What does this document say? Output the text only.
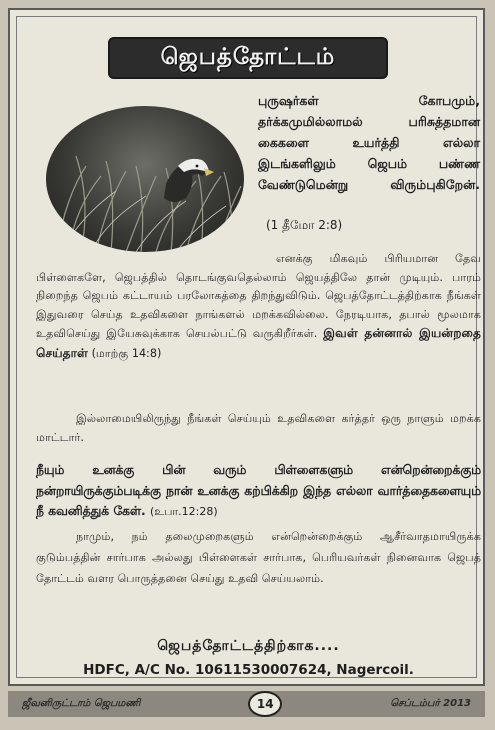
ஜெபத்தோட்டம்
புருஷர்கள் கோபமும், தர்க்கமுமில்லாமல் பரிசுத்தமான கைகளை உயர்த்தி எல்லா இடங்களிலும் ஜெபம் பண்ண வேண்டுமென்று விரும்புகிறேன்.
(1 தீமோ 2:8)
எனக்கு மிகவும் பிரியமான தேவ பிள்ளைகளே, ஜெபத்தில் தொடங்குவதெல்லாம் ஜெயத்திலே தான் முடியும். பாரம் நிறைந்த ஜெபம் கட்டாயம் பரலோகத்தை திறந்துவிடும். ஜெபத்தோட்டத்திற்காக நீங்கள் இதுவரை செய்த உதவிகளை நாங்களல் மறக்கவில்லை. நேரடியாக, தபால் மூலமாக உதவிசெய்து இயேசுவுக்காக செயல்பட்டு வருகிறீர்கள். இவள் தன்னால் இயன்றதை செய்தாள் (மாற்கு 14:8)
இல்லாமையிலிருந்து நீங்கள் செய்யும் உதவிகளை கர்த்தர் ஒரு நாளும் மறக்க மாட்டார்.
நீயும் உனக்கு பின் வரும் பிள்ளைகளும் என்றென்றைக்கும் நன்றாயிருக்கும்படிக்கு நான் உனக்கு கற்பிக்கிற இந்த எல்லா வார்த்தைகளையும் நீ கவனித்துக் கேள். (உபா.12:28)
நாமும், நம் தலைமுறைகளும் என்றென்றைக்கும் ஆசீர்வாதமாயிருக்க குடும்பத்தின் சார்பாக அல்லது பிள்ளைகள் சார்பாக, பெரியவர்கள் நினைவாக ஜெபத் தோட்டம் வளர பொருத்தனை செய்து உதவி செய்யலாம்.
ஜெபத்தோட்டத்திற்காக....
HDFC, A/C No. 10611530007624, Nagercoil.
ஜீவனிருட்டாம் ஜெபமணி	14	செப்டம்பர் 2013
